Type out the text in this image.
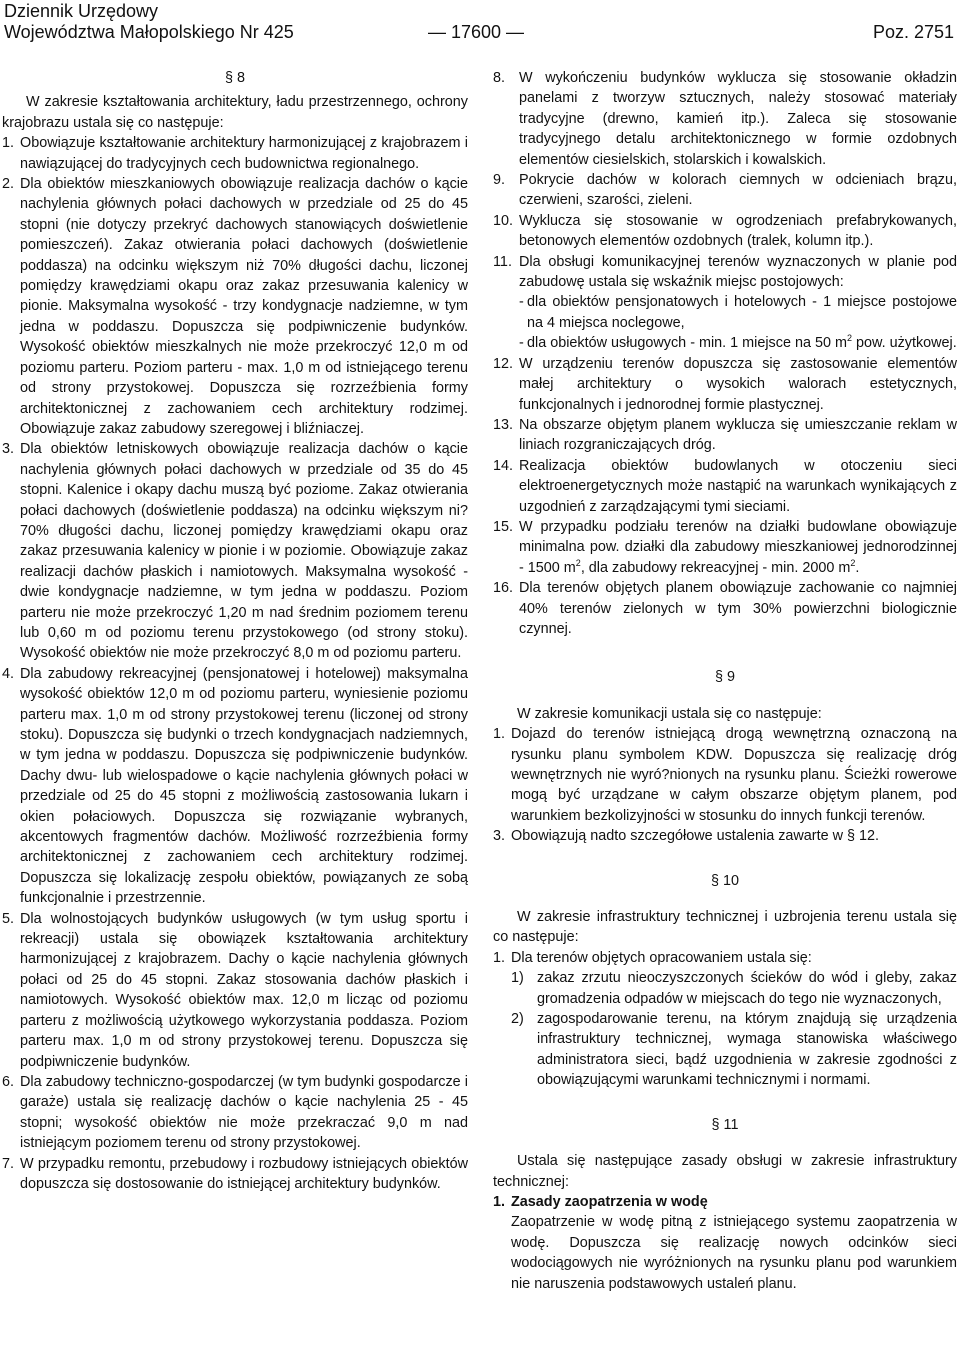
Dziennik Urzędowy
Województwa Małopolskiego Nr 425	— 17600 —	Poz. 2751

§ 8

W zakresie kształtowania architektury, ładu przestrzennego, ochrony krajobrazu ustala się co następuje:

1. Obowiązuje kształtowanie architektury harmonizującej z krajobrazem i nawiązującej do tradycyjnych cech budownictwa regionalnego.
2. Dla obiektów mieszkaniowych obowiązuje realizacja dachów o kącie nachylenia głównych połaci dachowych w przedziale od 25 do 45 stopni (nie dotyczy przekryć dachowych stanowiących doświetlenie pomieszczeń). Zakaz otwierania połaci dachowych (doświetlenie poddasza) na odcinku większym niż 70% długości dachu, liczonej pomiędzy krawędziami okapu oraz zakaz przesuwania kalenicy w pionie. Maksymalna wysokość - trzy kondygnacje nadziemne, w tym jedna w poddaszu. Dopuszcza się podpiwniczenie budynków. Wysokość obiektów mieszkalnych nie może przekroczyć 12,0 m od poziomu parteru. Poziom parteru - max. 1,0 m od istniejącego terenu od strony przystokowej. Dopuszcza się rozrzeźbienia formy architektonicznej z zachowaniem cech architektury rodzimej. Obowiązuje zakaz zabudowy szeregowej i bliźniaczej.
3. Dla obiektów letniskowych obowiązuje realizacja dachów o kącie nachylenia głównych połaci dachowych w przedziale od 35 do 45 stopni. Kalenice i okapy dachu muszą być poziome. Zakaz otwierania połaci dachowych (doświetlenie poddasza) na odcinku większym ni? 70% długości dachu, liczonej pomiędzy krawędziami okapu oraz zakaz przesuwania kalenicy w pionie i w poziomie. Obowiązuje zakaz realizacji dachów płaskich i namiotowych. Maksymalna wysokość - dwie kondygnacje nadziemne, w tym jedna w poddaszu. Poziom parteru nie może przekroczyć 1,20 m nad średnim poziomem terenu lub 0,60 m od poziomu terenu przystokowego (od strony stoku). Wysokość obiektów nie może przekroczyć 8,0 m od poziomu parteru.
4. Dla zabudowy rekreacyjnej (pensjonatowej i hotelowej) maksymalna wysokość obiektów 12,0 m od poziomu parteru, wyniesienie poziomu parteru max. 1,0 m od strony przystokowej terenu (liczonej od strony stoku). Dopuszcza się budynki o trzech kondygnacjach nadziemnych, w tym jedna w poddaszu. Dopuszcza się podpiwniczenie budynków. Dachy dwu- lub wielospadowe o kącie nachylenia głównych połaci w przedziale od 25 do 45 stopni z możliwością zastosowania lukarn i okien połaciowych. Dopuszcza się rozwiązanie wybranych, akcentowych fragmentów dachów. Możliwość rozrzeźbienia formy architektonicznej z zachowaniem cech architektury rodzimej. Dopuszcza się lokalizację zespołu obiektów, powiązanych ze sobą funkcjonalnie i przestrzennie.
5. Dla wolnostojących budynków usługowych (w tym usług sportu i rekreacji) ustala się obowiązek kształtowania architektury harmonizującej z krajobrazem. Dachy o kącie nachylenia głównych połaci od 25 do 45 stopni. Zakaz stosowania dachów płaskich i namiotowych. Wysokość obiektów max. 12,0 m licząc od poziomu parteru z możliwością użytkowego wykorzystania poddasza. Poziom parteru max. 1,0 m od strony przystokowej terenu. Dopuszcza się podpiwniczenie budynków.
6. Dla zabudowy techniczno-gospodarczej (w tym budynki gospodarcze i garaże) ustala się realizację dachów o kącie nachylenia 25 - 45 stopni; wysokość obiektów nie może przekraczać 9,0 m nad istniejącym poziomem terenu od strony przystokowej.
7. W przypadku remontu, przebudowy i rozbudowy istniejących obiektów dopuszcza się dostosowanie do istniejącej architektury budynków.
8. W wykończeniu budynków wyklucza się stosowanie okładzin panelami z tworzyw sztucznych, należy stosować materiały tradycyjne (drewno, kamień itp.). Zaleca się stosowanie tradycyjnego detalu architektonicznego w formie ozdobnych elementów ciesielskich, stolarskich i kowalskich.
9. Pokrycie dachów w kolorach ciemnych w odcieniach brązu, czerwieni, szarości, zieleni.
10. Wyklucza się stosowanie w ogrodzeniach prefabrykowanych, betonowych elementów ozdobnych (tralek, kolumn itp.).
11. Dla obsługi komunikacyjnej terenów wyznaczonych w planie pod zabudowę ustala się wskaźnik miejsc postojowych:
- dla obiektów pensjonatowych i hotelowych - 1 miejsce postojowe na 4 miejsca noclegowe,
- dla obiektów usługowych - min. 1 miejsce na 50 $m^2$ pow. użytkowej.
12. W urządzeniu terenów dopuszcza się zastosowanie elementów małej architektury o wysokich walorach estetycznych, funkcjonalnych i jednorodnej formie plastycznej.
13. Na obszarze objętym planem wyklucza się umieszczanie reklam w liniach rozgraniczających dróg.
14. Realizacja obiektów budowlanych w otoczeniu sieci elektroenergetycznych może nastąpić na warunkach wynikających z uzgodnień z zarządzającymi tymi sieciami.
15. W przypadku podziału terenów na działki budowlane obowiązuje minimalna pow. działki dla zabudowy mieszkaniowej jednorodzinnej - 1500 $m^2$, dla zabudowy rekreacyjnej - min. 2000 $m^2$.
16. Dla terenów objętych planem obowiązuje zachowanie co najmniej 40% terenów zielonych w tym 30% powierzchni biologicznie czynnej.

§ 9

W zakresie komunikacji ustala się co następuje:

1. Dojazd do terenów istniejącą drogą wewnętrzną oznaczoną na rysunku planu symbolem KDW. Dopuszcza się realizację dróg wewnętrznych nie wyró?nionych na rysunku planu. Ścieżki rowerowe mogą być urządzane w całym obszarze objętym planem, pod warunkiem bezkolizyjności w stosunku do innych funkcji terenów.
3. Obowiązują nadto szczegółowe ustalenia zawarte w § 12.

§ 10

W zakresie infrastruktury technicznej i uzbrojenia terenu ustala się co następuje:

1. Dla terenów objętych opracowaniem ustala się:
1) zakaz zrzutu nieoczyszczonych ścieków do wód i gleby, zakaz gromadzenia odpadów w miejscach do tego nie wyznaczonych,
2) zagospodarowanie terenu, na którym znajdują się urządzenia infrastruktury technicznej, wymaga stanowiska właściwego administratora sieci, bądź uzgodnienia w zakresie zgodności z obowiązującymi warunkami technicznymi i normami.

§ 11

Ustala się następujące zasady obsługi w zakresie infrastruktury technicznej:

1. Zasady zaopatrzenia w wodę

Zaopatrzenie w wodę pitną z istniejącego systemu zaopatrzenia w wodę. Dopuszcza się realizację nowych odcinków sieci wodociągowych nie wyróżnionych na rysunku planu pod warunkiem nie naruszenia podstawowych ustaleń planu.
